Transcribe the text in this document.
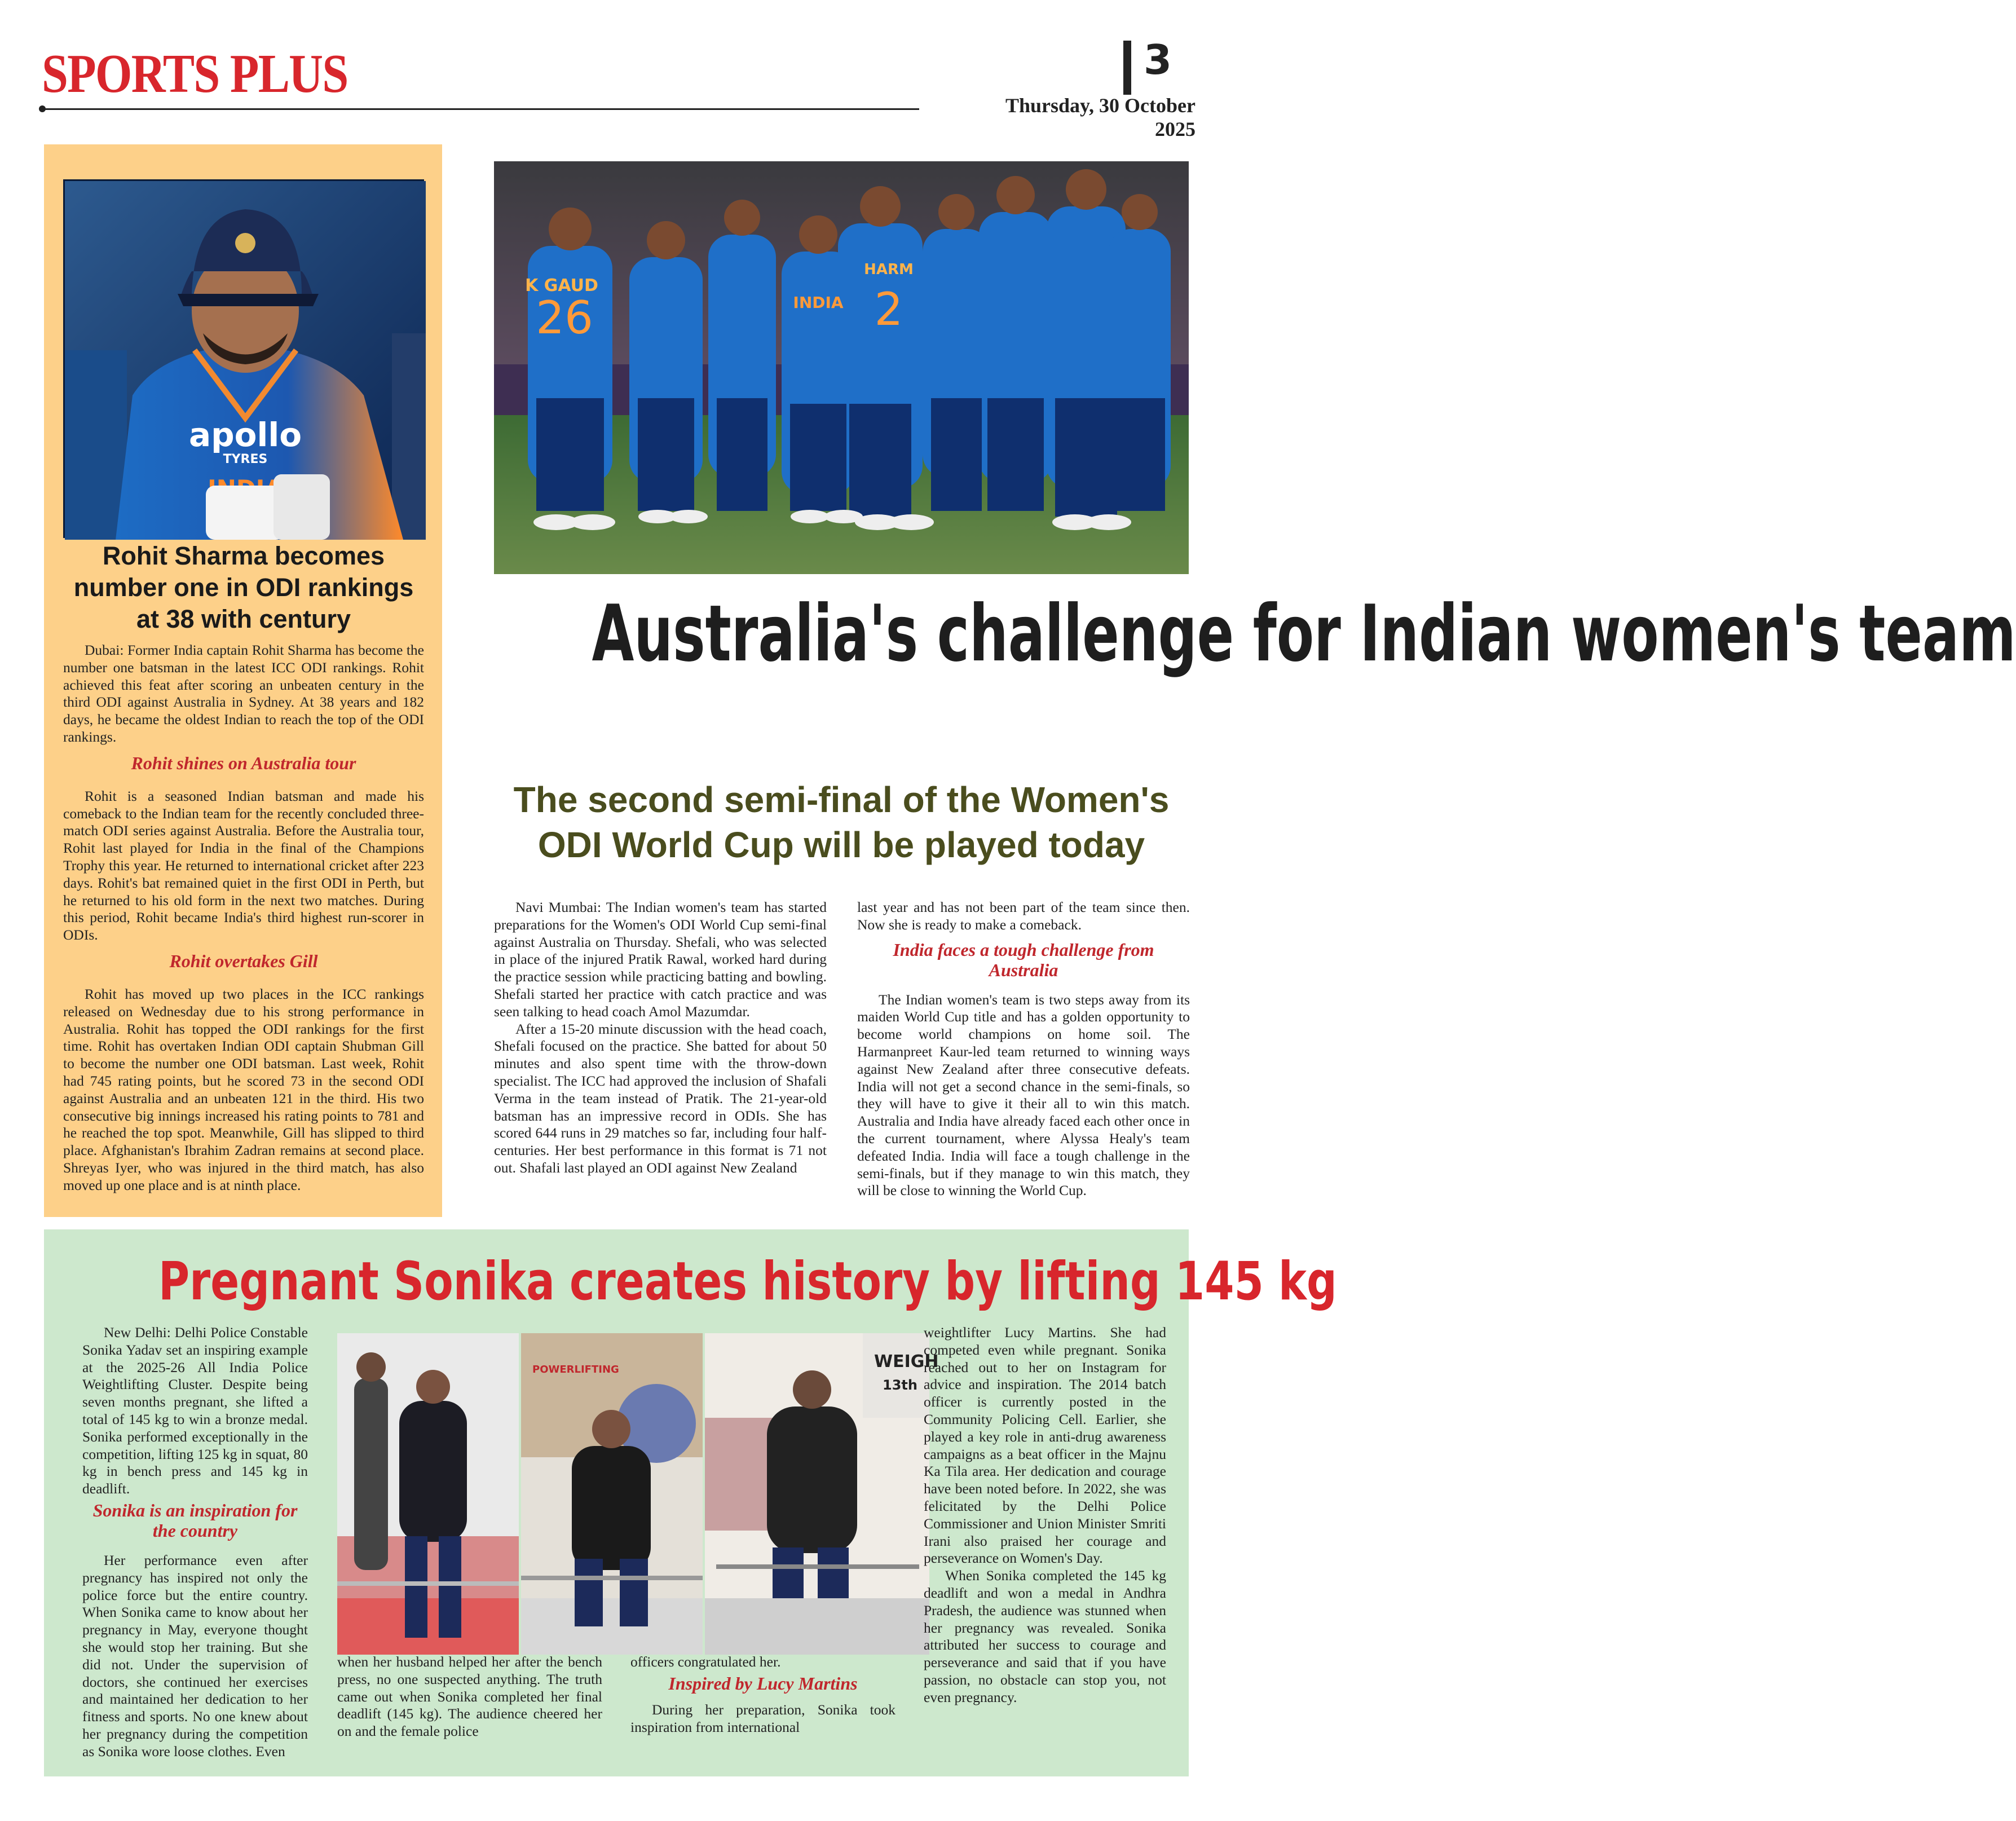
SPORTS PLUS	3
Thursday, 30 October 2025
apollo
TYRES
Rohit Sharma becomes number one in ODI rankings at 38 with century

Dubai: Former India captain Rohit Sharma has become the number one batsman in the latest ICC ODI rankings. Rohit achieved this feat after scoring an unbeaten century in the third ODI against Australia in Sydney. At 38 years and 182 days, he became the oldest Indian to reach the top of the ODI rankings.

Rohit shines on Australia tour

Rohit is a seasoned Indian batsman and made his comeback to the Indian team for the recently concluded three-match ODI series against Australia. Before the Australia tour, Rohit last played for India in the final of the Champions Trophy this year. He returned to international cricket after 223 days. Rohit's bat remained quiet in the first ODI in Perth, but he returned to his old form in the next two matches. During this period, Rohit became India's third highest run-scorer in ODIs.

Rohit overtakes Gill

Rohit has moved up two places in the ICC rankings released on Wednesday due to his strong performance in Australia. Rohit has topped the ODI rankings for the first time. Rohit has overtaken Indian ODI captain Shubman Gill to become the number one ODI batsman. Last week, Rohit had 745 rating points, but he scored 73 in the second ODI against Australia and an unbeaten 121 in the third. His two consecutive big innings increased his rating points to 781 and he reached the top spot. Meanwhile, Gill has slipped to third place. Afghanistan's Ibrahim Zadran remains at second place. Shreyas Iyer, who was injured in the third match, has also moved up one place and is at ninth place.

K GAUD
26	INDIA
HARM
2
Australia's challenge for Indian women's team
The second semi-final of the Women's ODI World Cup will be played today

Navi Mumbai: The Indian women's team has started preparations for the Women's ODI World Cup semi-final against Australia on Thursday. Shefali, who was selected in place of the injured Pratik Rawal, worked hard during the practice session while practicing batting and bowling. Shefali started her practice with catch practice and was seen talking to head coach Amol Mazumdar.

After a 15-20 minute discussion with the head coach, Shefali focused on the practice. She batted for about 50 minutes and also spent time with the throw-down specialist. The ICC had approved the inclusion of Shafali Verma in the team instead of Pratik. The 21-year-old batsman has an impressive record in ODIs. She has scored 644 runs in 29 matches so far, including four half-centuries. Her best performance in this format is 71 not out. Shafali last played an ODI against New Zealand

last year and has not been part of the team since then. Now she is ready to make a comeback.

India faces a tough challenge from Australia

The Indian women's team is two steps away from its maiden World Cup title and has a golden opportunity to become world champions on home soil. The Harmanpreet Kaur-led team returned to winning ways against New Zealand after three consecutive defeats. India will not get a second chance in the semi-finals, so they will have to give it their all to win this match. Australia and India have already faced each other once in the current tournament, where Alyssa Healy's team defeated India. India will face a tough challenge in the semi-finals, but if they manage to win this match, they will be close to winning the World Cup.

Pregnant Sonika creates history by lifting 145 kg

New Delhi: Delhi Police Constable Sonika Yadav set an inspiring example at the 2025-26 All India Police Weightlifting Cluster. Despite being seven months pregnant, she lifted a total of 145 kg to win a bronze medal. Sonika performed exceptionally in the competition, lifting 125 kg in squat, 80 kg in bench press and 145 kg in deadlift.

Sonika is an inspiration for the country

Her performance even after pregnancy has inspired not only the police force but the entire country. When Sonika came to know about her pregnancy in May, everyone thought she would stop her training. But she did not. Under the supervision of doctors, she continued her exercises and maintained her dedication to her fitness and sports. No one knew about her pregnancy during the competition as Sonika wore loose clothes. Even

POWERLIFTING	WEIGH
13th

when her husband helped her after the bench press, no one suspected anything. The truth came out when Sonika completed her final deadlift (145 kg). The audience cheered her on and the female police

officers congratulated her.

Inspired by Lucy Martins

During her preparation, Sonika took inspiration from international

weightlifter Lucy Martins. She had competed even while pregnant. Sonika reached out to her on Instagram for advice and inspiration. The 2014 batch officer is currently posted in the Community Policing Cell. Earlier, she played a key role in anti-drug awareness campaigns as a beat officer in the Majnu Ka Tila area. Her dedication and courage have been noted before. In 2022, she was felicitated by the Delhi Police Commissioner and Union Minister Smriti Irani also praised her courage and perseverance on Women's Day.

When Sonika completed the 145 kg deadlift and won a medal in Andhra Pradesh, the audience was stunned when her pregnancy was revealed. Sonika attributed her success to courage and perseverance and said that if you have passion, no obstacle can stop you, not even pregnancy.
